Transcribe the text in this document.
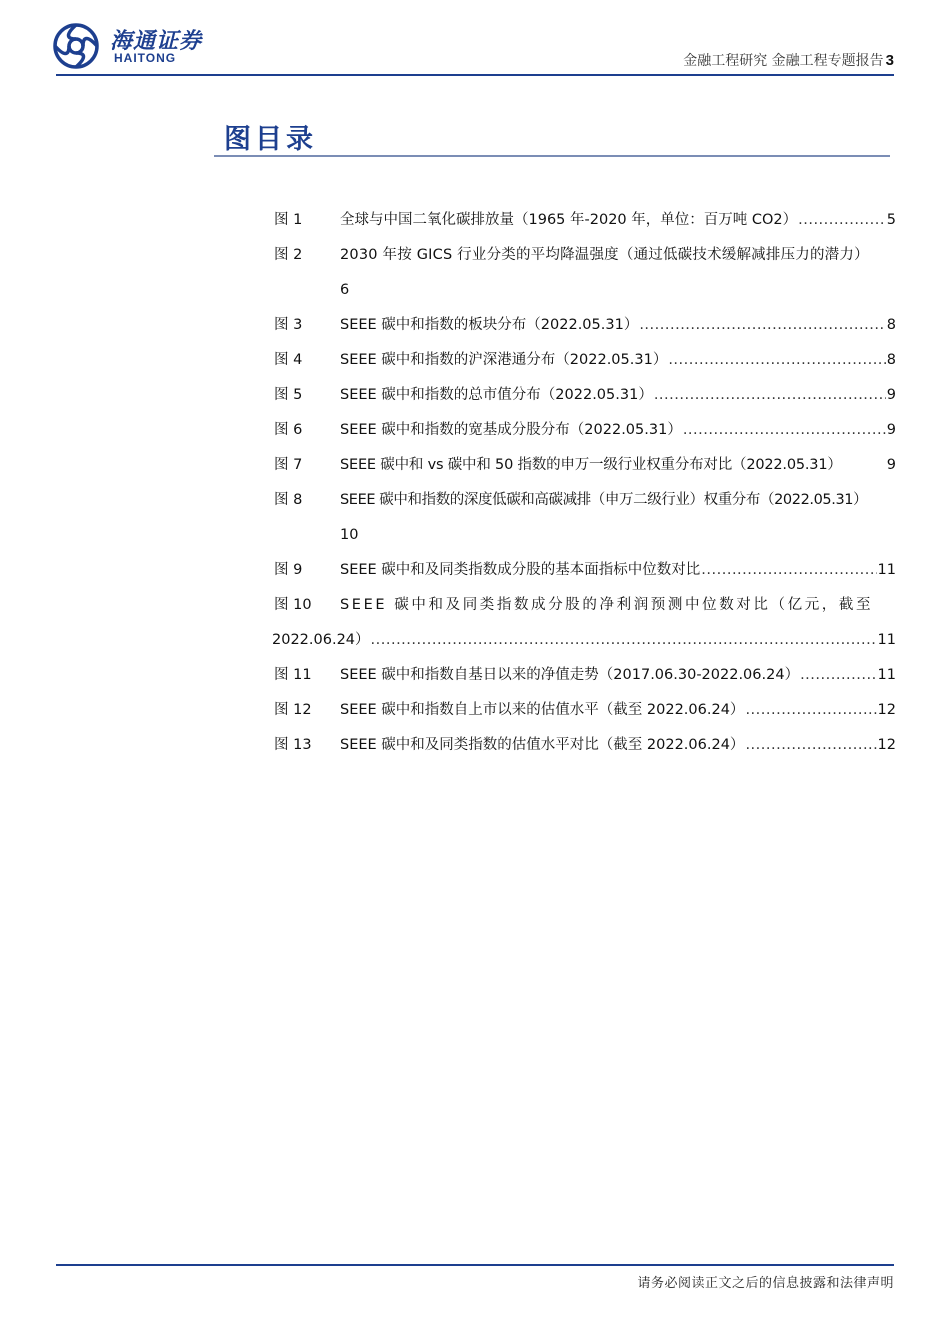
海通证券
HAITONG	金融工程研究 金融工程专题报告 3
图目录
图 1	全球与中国二氧化碳排放量（1965 年-2020 年，单位：百万吨 CO2） .....	5
图 2	2030 年按 GICS 行业分类的平均降温强度（通过低碳技术缓解减排压力的潜力）
6
图 3	SEEE 碳中和指数的板块分布（2022.05.31） .....	8
图 4	SEEE 碳中和指数的沪深港通分布（2022.05.31） .....	8
图 5	SEEE 碳中和指数的总市值分布（2022.05.31） .....	9
图 6	SEEE 碳中和指数的宽基成分股分布（2022.05.31） .....	9
图 7	SEEE 碳中和 vs 碳中和 50 指数的申万一级行业权重分布对比（2022.05.31）	9
图 8	SEEE 碳中和指数的深度低碳和高碳减排（申万二级行业）权重分布（2022.05.31）
10
图 9	SEEE 碳中和及同类指数成分股的基本面指标中位数对比 .....	11
图 10 SEEE 碳中和及同类指数成分股的净利润预测中位数对比（亿元，截至
2022.06.24） .....	11
图 11 SEEE 碳中和指数自基日以来的净值走势（2017.06.30-2022.06.24） .....	11
图 12 SEEE 碳中和指数自上市以来的估值水平（截至 2022.06.24） .....	12
图 13 SEEE 碳中和及同类指数的估值水平对比（截至 2022.06.24） .....	12
请务必阅读正文之后的信息披露和法律声明
